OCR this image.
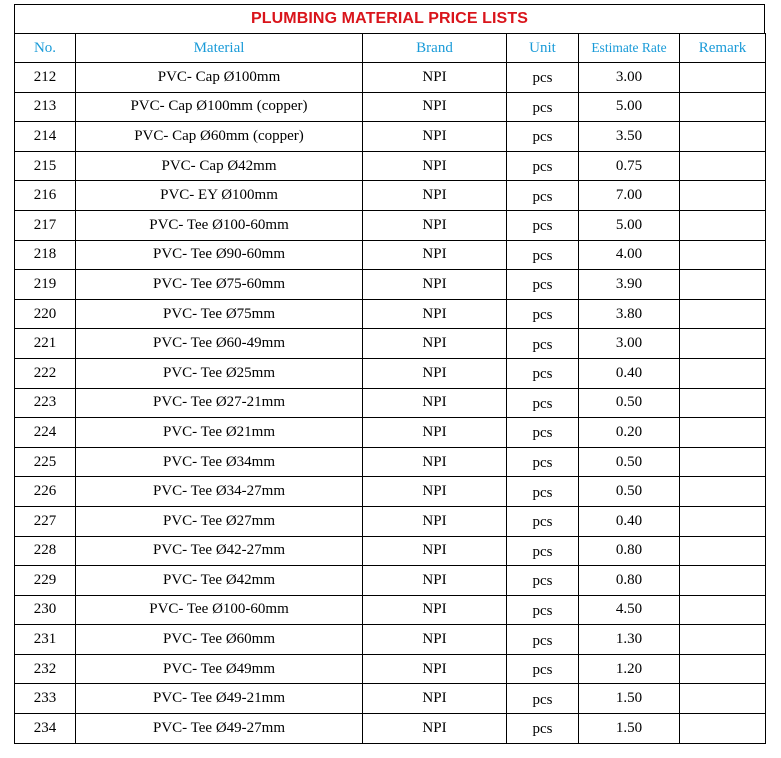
PLUMBING MATERIAL PRICE LISTS
No.	Material	Brand	Unit	Estimate Rate	Remark
212	PVC- Cap Ø100mm	NPI	pcs	3.00	
213	PVC- Cap Ø100mm (copper)	NPI	pcs	5.00	
214	PVC- Cap Ø60mm (copper)	NPI	pcs	3.50	
215	PVC- Cap Ø42mm	NPI	pcs	0.75	
216	PVC- EY Ø100mm	NPI	pcs	7.00	
217	PVC- Tee Ø100-60mm	NPI	pcs	5.00	
218	PVC- Tee Ø90-60mm	NPI	pcs	4.00	
219	PVC- Tee Ø75-60mm	NPI	pcs	3.90	
220	PVC- Tee Ø75mm	NPI	pcs	3.80	
221	PVC- Tee Ø60-49mm	NPI	pcs	3.00	
222	PVC- Tee Ø25mm	NPI	pcs	0.40	
223	PVC- Tee Ø27-21mm	NPI	pcs	0.50	
224	PVC- Tee Ø21mm	NPI	pcs	0.20	
225	PVC- Tee Ø34mm	NPI	pcs	0.50	
226	PVC- Tee Ø34-27mm	NPI	pcs	0.50	
227	PVC- Tee Ø27mm	NPI	pcs	0.40	
228	PVC- Tee Ø42-27mm	NPI	pcs	0.80	
229	PVC- Tee Ø42mm	NPI	pcs	0.80	
230	PVC- Tee Ø100-60mm	NPI	pcs	4.50	
231	PVC- Tee Ø60mm	NPI	pcs	1.30	
232	PVC- Tee Ø49mm	NPI	pcs	1.20	
233	PVC- Tee Ø49-21mm	NPI	pcs	1.50	
234	PVC- Tee Ø49-27mm	NPI	pcs	1.50	
